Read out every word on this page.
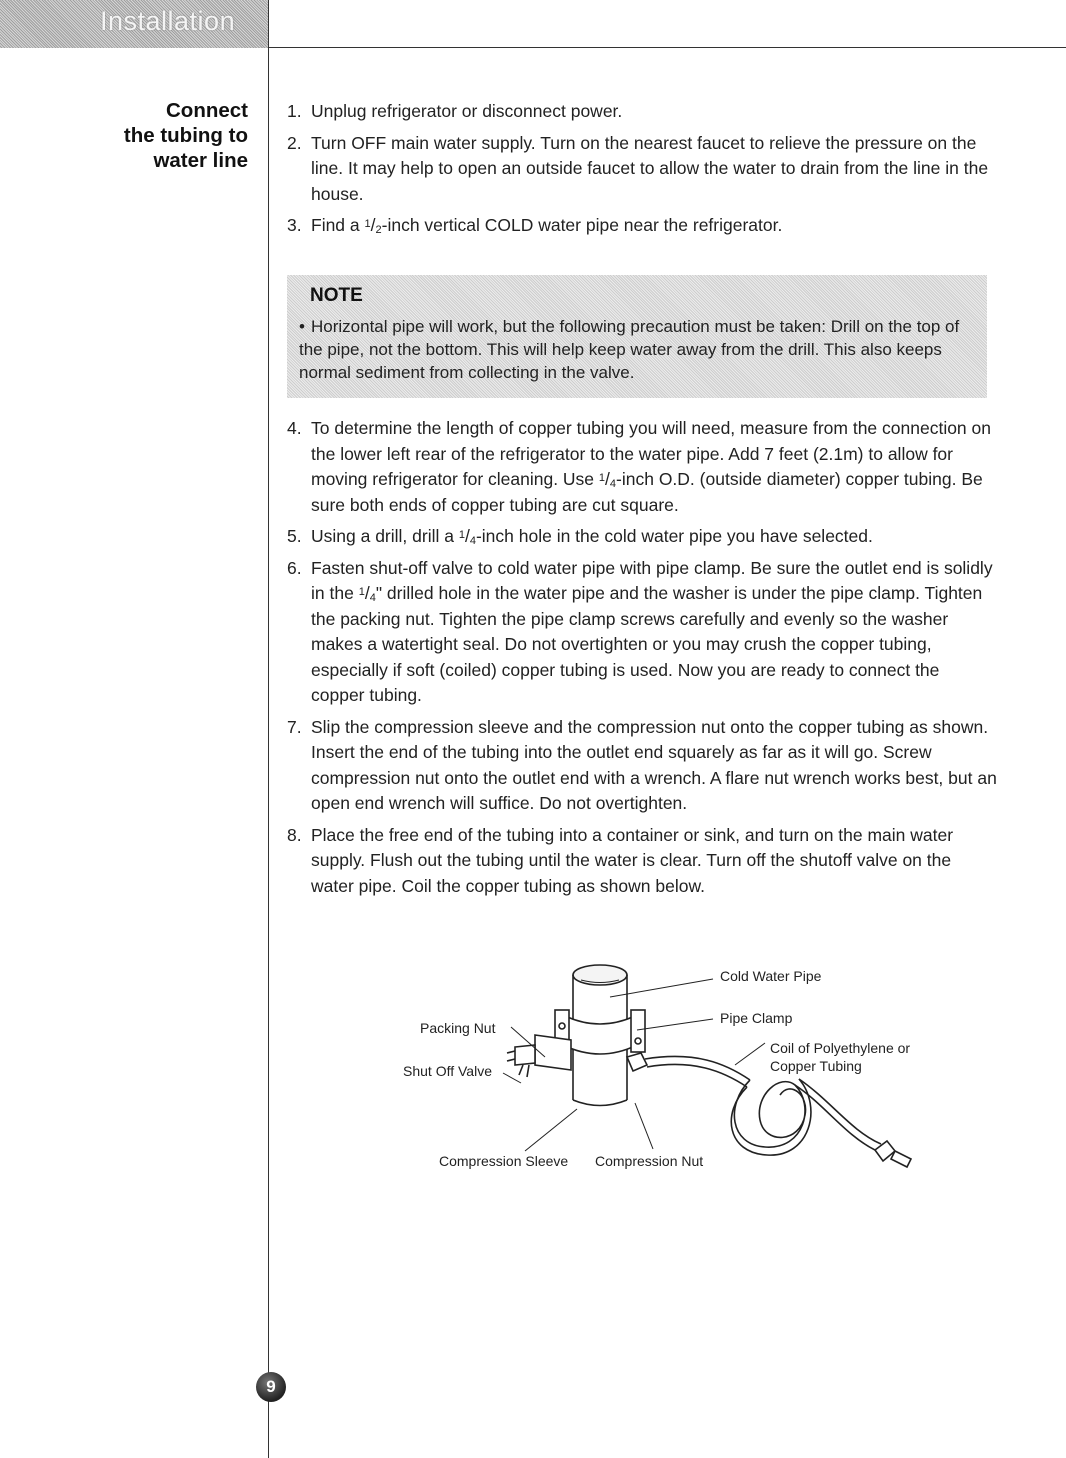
Installation
Connect
the tubing to
water line
1. Unplug refrigerator or disconnect power.
2. Turn OFF main water supply. Turn on the nearest faucet to relieve the pressure on the line. It may help to open an outside faucet to allow the water to drain from the line in the house.
3. Find a $^1/_2$-inch vertical COLD water pipe near the refrigerator.
NOTE
• Horizontal pipe will work, but the following precaution must be taken: Drill on the top of the pipe, not the bottom. This will help keep water away from the drill. This also keeps normal sediment from collecting in the valve.
4. To determine the length of copper tubing you will need, measure from the connection on the lower left rear of the refrigerator to the water pipe. Add 7 feet (2.1m) to allow for moving refrigerator for cleaning. Use $^1/_4$-inch O.D. (outside diameter) copper tubing. Be sure both ends of copper tubing are cut square.
5. Using a drill, drill a $^1/_4$-inch hole in the cold water pipe you have selected.
6. Fasten shut-off valve to cold water pipe with pipe clamp. Be sure the outlet end is solidly in the $^1/_4$" drilled hole in the water pipe and the washer is under the pipe clamp. Tighten the packing nut. Tighten the pipe clamp screws carefully and evenly so the washer makes a watertight seal. Do not overtighten or you may crush the copper tubing, especially if soft (coiled) copper tubing is used. Now you are ready to connect the copper tubing.
7. Slip the compression sleeve and the compression nut onto the copper tubing as shown. Insert the end of the tubing into the outlet end squarely as far as it will go. Screw compression nut onto the outlet end with a wrench. A flare nut wrench works best, but an open end wrench will suffice. Do not overtighten.
8. Place the free end of the tubing into a container or sink, and turn on the main water supply. Flush out the tubing until the water is clear. Turn off the shutoff valve on the water pipe. Coil the copper tubing as shown below.
Cold Water Pipe
Pipe Clamp
Packing Nut
Coil of Polyethylene or
Copper Tubing
Shut Off Valve
Compression Sleeve Compression Nut
9
